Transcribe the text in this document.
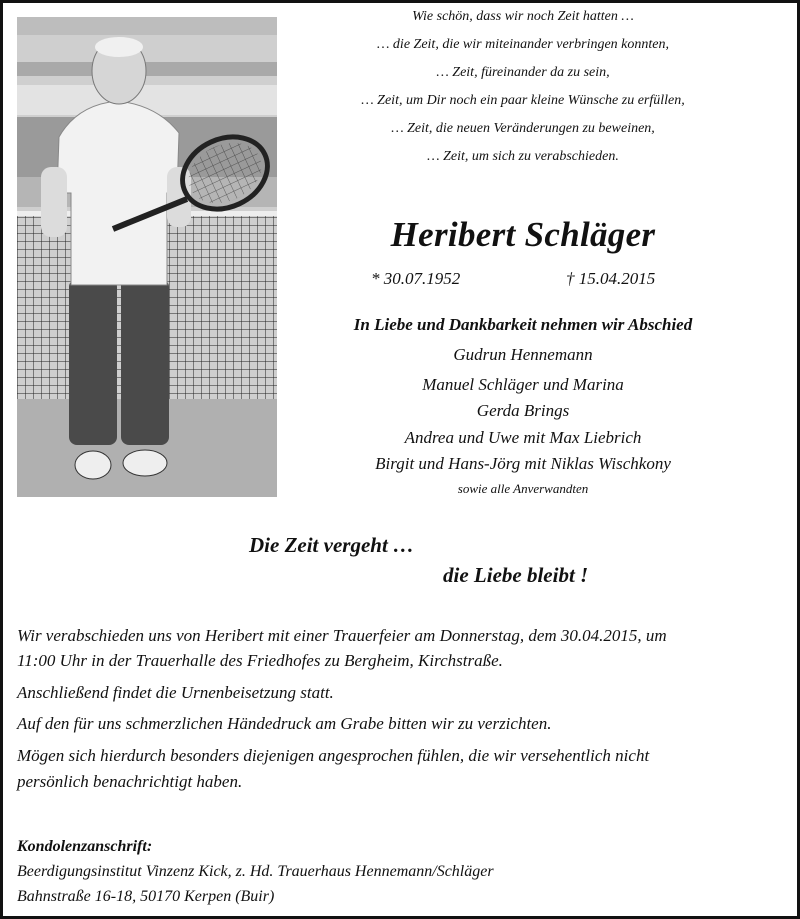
Wie schön, dass wir noch Zeit hatten …
… die Zeit, die wir miteinander verbringen konnten,
… Zeit, füreinander da zu sein,
… Zeit, um Dir noch ein paar kleine Wünsche zu erfüllen,
… Zeit, die neuen Veränderungen zu beweinen,
… Zeit, um sich zu verabschieden.
Heribert Schläger
* 30.07.1952	† 15.04.2015
In Liebe und Dankbarkeit nehmen wir Abschied
Gudrun Hennemann
Manuel Schläger und Marina
Gerda Brings
Andrea und Uwe mit Max Liebrich
Birgit und Hans-Jörg mit Niklas Wischkony
sowie alle Anverwandten
Die Zeit vergeht …
die Liebe bleibt !
Wir verabschieden uns von Heribert mit einer Trauerfeier am Donnerstag, dem 30.04.2015, um
11:00 Uhr in der Trauerhalle des Friedhofes zu Bergheim, Kirchstraße.
Anschließend findet die Urnenbeisetzung statt.
Auf den für uns schmerzlichen Händedruck am Grabe bitten wir zu verzichten.
Mögen sich hierdurch besonders diejenigen angesprochen fühlen, die wir versehentlich nicht
persönlich benachrichtigt haben.
Kondolenzanschrift:
Beerdigungsinstitut Vinzenz Kick, z. Hd. Trauerhaus Hennemann/Schläger
Bahnstraße 16-18, 50170 Kerpen (Buir)
